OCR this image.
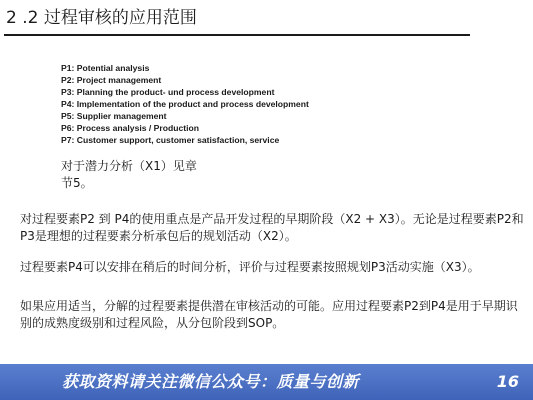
2 .2 过程审核的应用范围
P1: Potential analysis
P2: Project management
P3: Planning the product- und process development
P4: Implementation of the product and process development
P5: Supplier management
P6: Process analysis / Production
P7: Customer support, customer satisfaction, service
对于潜力分析（X1）见章
节5。
对过程要素P2 到 P4的使用重点是产品开发过程的早期阶段（X2 + X3）。无论是过程要素P2和P3是理想的过程要素分析承包后的规划活动（X2）。
过程要素P4可以安排在稍后的时间分析，评价与过程要素按照规划P3活动实施（X3）。
如果应用适当，分解的过程要素提供潜在审核活动的可能。应用过程要素P2到P4是用于早期识别的成熟度级别和过程风险，从分包阶段到SOP。
获取资料请关注微信公众号：质量与创新	16
